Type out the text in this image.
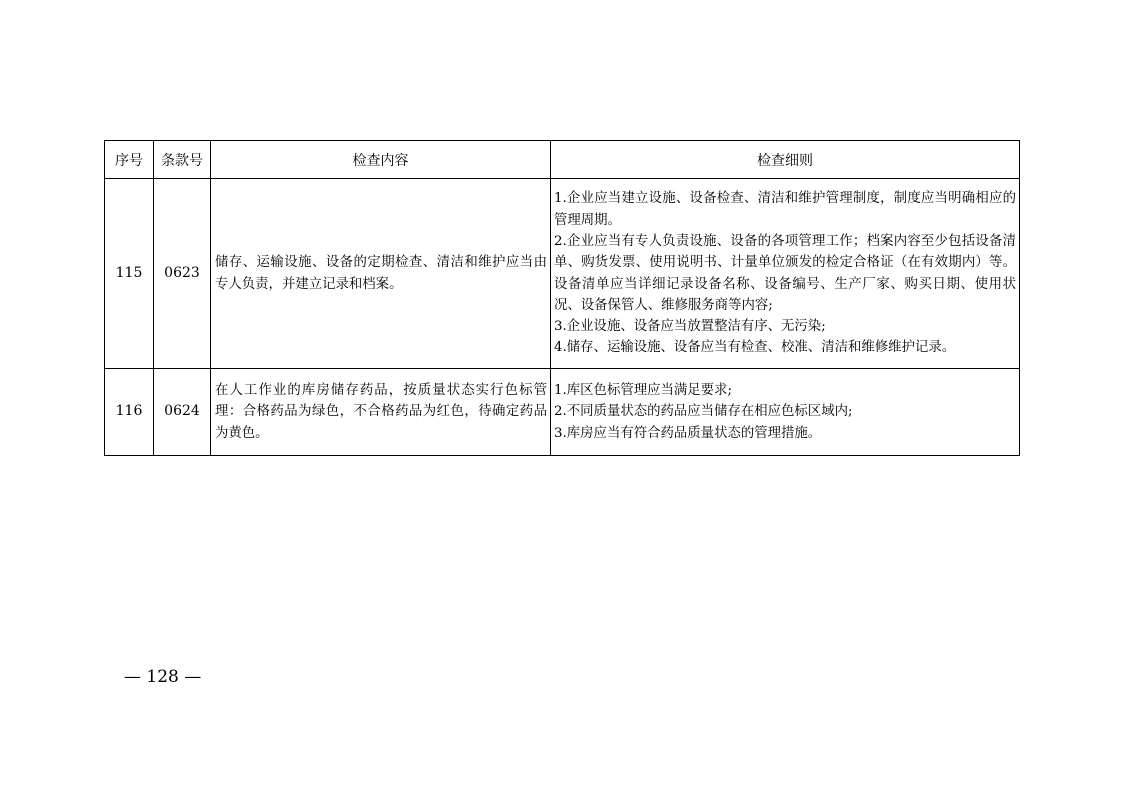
序号	条款号	检查内容	检查细则
115	0623	储存、运输设施、设备的定期检查、清洁和维护应当由专人负责，并建立记录和档案。	1.企业应当建立设施、设备检查、清洁和维护管理制度，制度应当明确相应的管理周期。
2.企业应当有专人负责设施、设备的各项管理工作；档案内容至少包括设备清单、购货发票、使用说明书、计量单位颁发的检定合格证（在有效期内）等。设备清单应当详细记录设备名称、设备编号、生产厂家、购买日期、使用状况、设备保管人、维修服务商等内容;
3.企业设施、设备应当放置整洁有序、无污染;
4.储存、运输设施、设备应当有检查、校准、清洁和维修维护记录。

116	0624	在人工作业的库房储存药品，按质量状态实行色标管理：合格药品为绿色，不合格药品为红色，待确定药品为黄色。	1.库区色标管理应当满足要求;
2.不同质量状态的药品应当储存在相应色标区域内;
3.库房应当有符合药品质量状态的管理措施。
— 128 —
